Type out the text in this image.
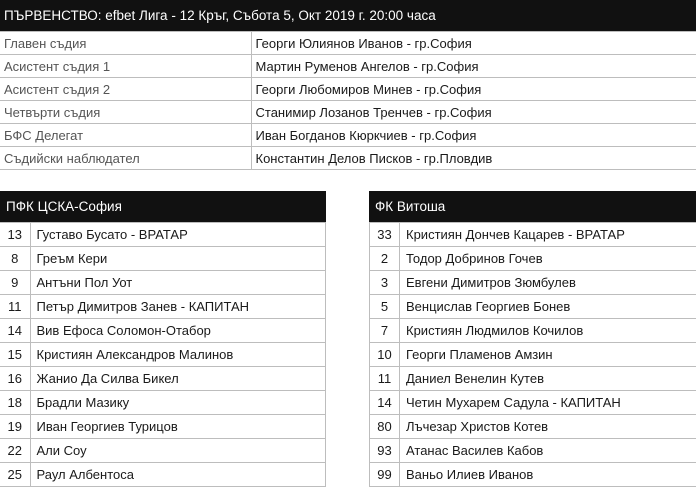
ПЪРВЕНСТВО: efbet Лига - 12 Кръг, Събота 5, Окт 2019 г. 20:00 часа
Главен съдия	Георги Юлиянов Иванов - гр.София
Асистент съдия 1	Мартин Руменов Ангелов - гр.София
Асистент съдия 2	Георги Любомиров Минев - гр.София
Четвърти съдия	Станимир Лозанов Тренчев - гр.София
БФС Делегат	Иван Богданов Кюркчиев - гр.София
Съдийски наблюдател	Константин Делов Писков - гр.Пловдив
ПФК ЦСКА-София	ФК Витоша
13	Густаво Бусато - ВРАТАР
8	Греъм Кери
9	Антъни Пол Уот
11	Петър Димитров Занев - КАПИТАН
14	Вив Ефоса Соломон-Отабор
15	Кристиян Александров Малинов
16	Жанио Да Силва Бикел
18	Брадли Мазику
19	Иван Георгиев Турицов
22	Али Соу
25	Раул Албентоса
33	Кристиян Дончев Кацарев - ВРАТАР
2	Тодор Добринов Гочев
3	Евгени Димитров Зюмбулев
5	Венцислав Георгиев Бонев
7	Кристиян Людмилов Кочилов
10	Георги Пламенов Амзин
11	Даниел Венелин Кутев
14	Четин Мухарем Садула - КАПИТАН
80	Лъчезар Христов Котев
93	Атанас Василев Кабов
99	Ваньо Илиев Иванов
